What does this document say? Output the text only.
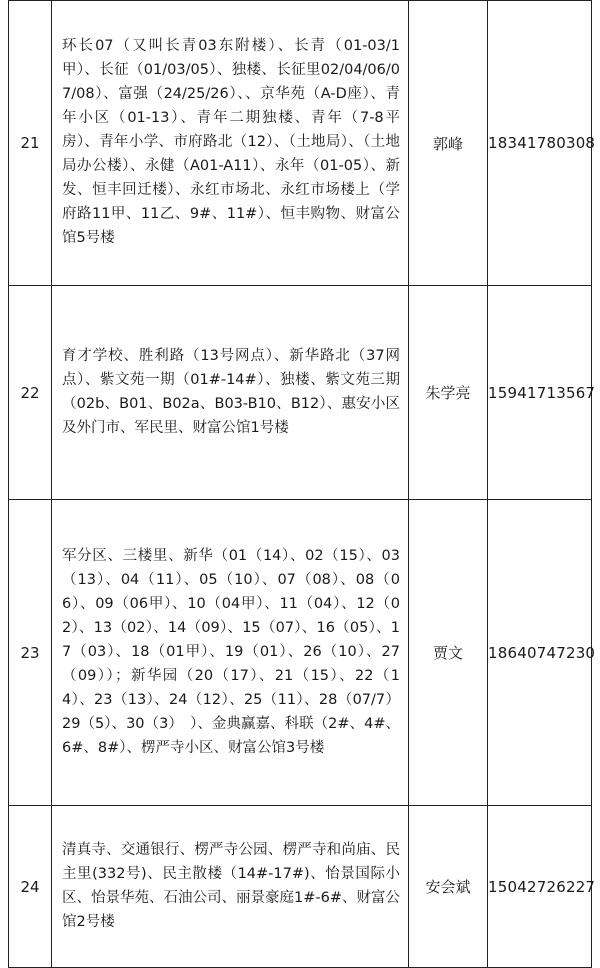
21	环长07（又叫长青03东附楼）、长青（01-03/1甲）、长征（01/03/05）、独楼、长征里02/04/06/07/08）、富强（24/25/26）、、京华苑（A-D座）、青年小区（01-13）、青年二期独楼、青年（7-8平房）、青年小学、市府路北（12）、（土地局）、（土地局办公楼）、永健（A01-A11）、永年（01-05）、新发、恒丰回迁楼）、永红市场北、永红市场楼上（学府路11甲、11乙、9#、11#）、恒丰购物、财富公馆5号楼	郭峰	18341780308
22	育才学校、胜利路（13号网点）、新华路北（37网点）、紫文苑一期（01#-14#）、独楼、紫文苑三期（02b、B01、B02a、B03-B10、B12）、惠安小区及外门市、军民里、财富公馆1号楼	朱学亮	15941713567
23	军分区、三楼里、新华（01（14）、02（15）、03（13）、04（11）、05（10）、07（08）、08（06）、09（06甲）、10（04甲）、11（04）、12（02）、13（02）、14（09）、15（07）、16（05）、17（03）、18（01甲）、19（01）、26（10）、27（09））；新华园（20（17）、21（15）、22（14）、23（13）、24（12）、25（11）、28（07/7）29（5）、30（3）　）、金典赢嘉、科联（2#、4#、6#、8#）、楞严寺小区、财富公馆3号楼	贾文	18640747230
24	清真寺、交通银行、楞严寺公园、楞严寺和尚庙、民主里(332号)、民主散楼（14#-17#)、怡景国际小区、怡景华苑、石油公司、丽景豪庭1#-6#、财富公馆2号楼	安会斌	15042726227
